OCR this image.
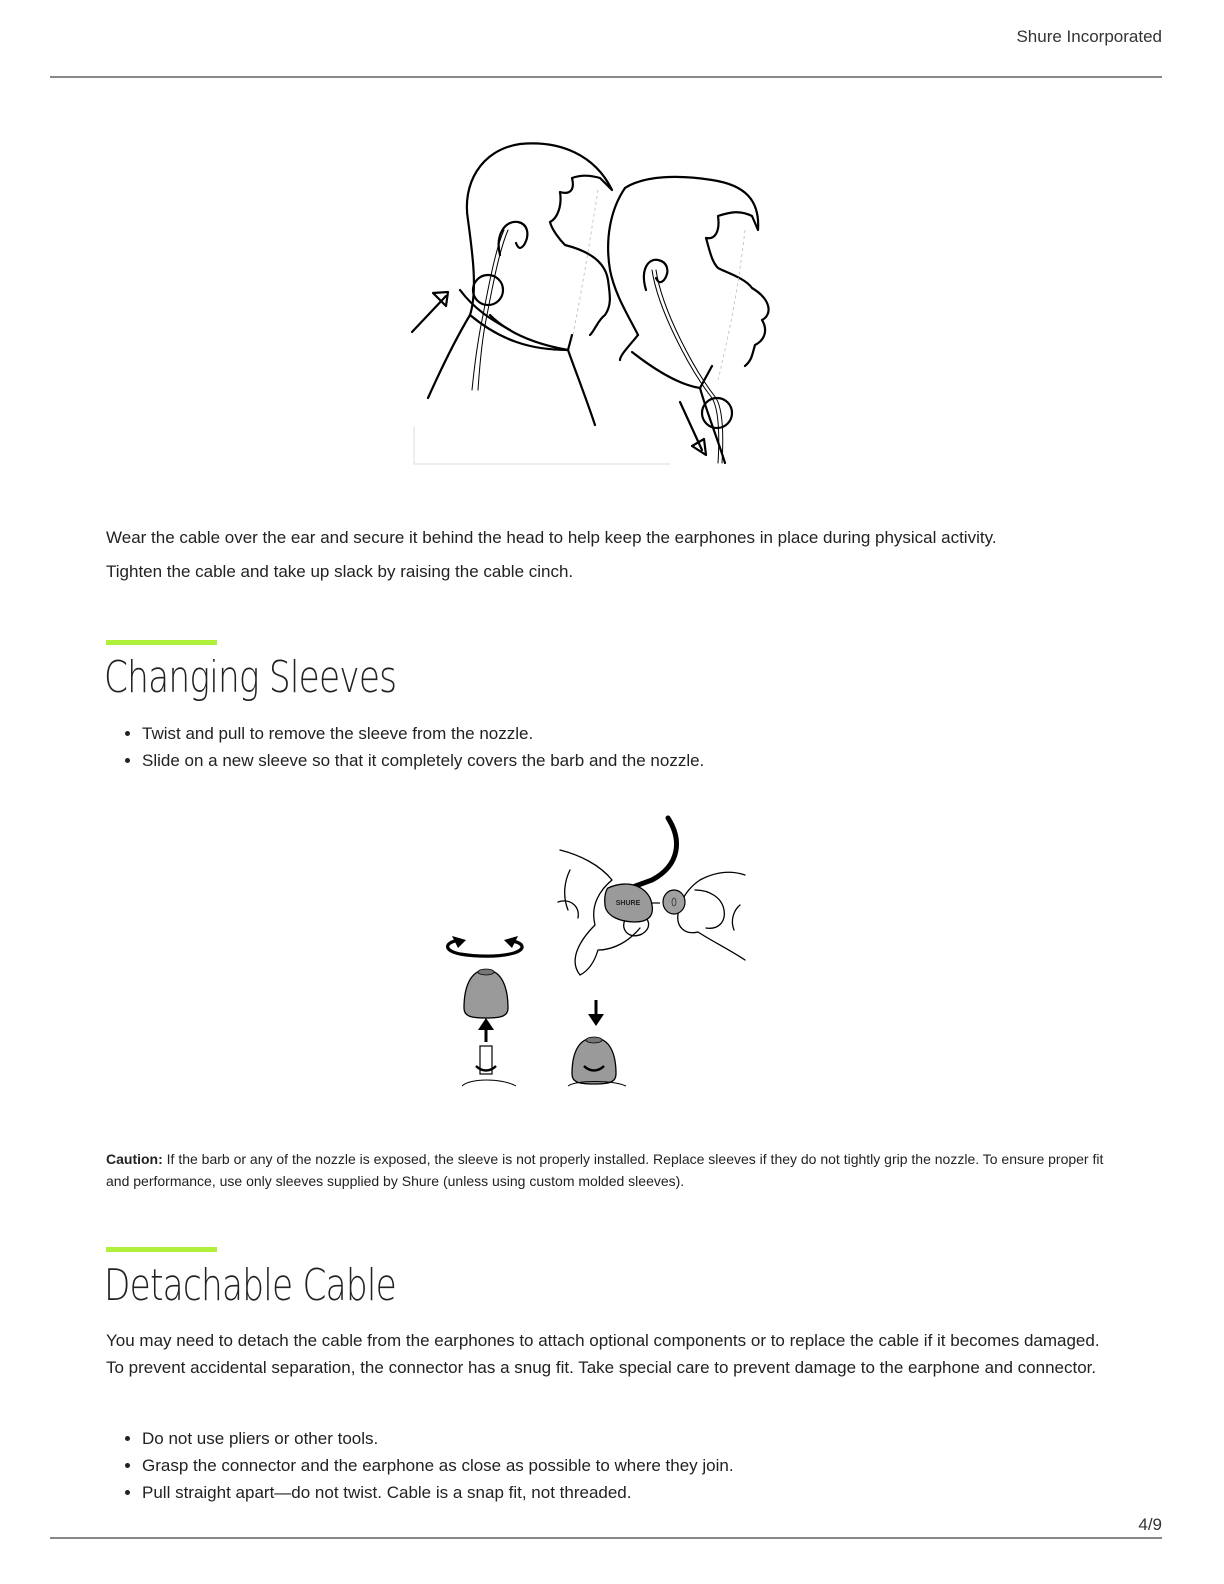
Shure Incorporated

Wear the cable over the ear and secure it behind the head to help keep the earphones in place during physical activity.

Tighten the cable and take up slack by raising the cable cinch.

Changing Sleeves
• Twist and pull to remove the sleeve from the nozzle.
• Slide on a new sleeve so that it completely covers the barb and the nozzle.
SHURE

Caution: If the barb or any of the nozzle is exposed, the sleeve is not properly installed. Replace sleeves if they do not tightly grip the nozzle. To ensure proper fit and performance, use only sleeves supplied by Shure (unless using custom molded sleeves).

Detachable Cable

You may need to detach the cable from the earphones to attach optional components or to replace the cable if it becomes damaged. To prevent accidental separation, the connector has a snug fit. Take special care to prevent damage to the earphone and connector.

• Do not use pliers or other tools.
• Grasp the connector and the earphone as close as possible to where they join.
• Pull straight apart—do not twist. Cable is a snap fit, not threaded.
4/9
